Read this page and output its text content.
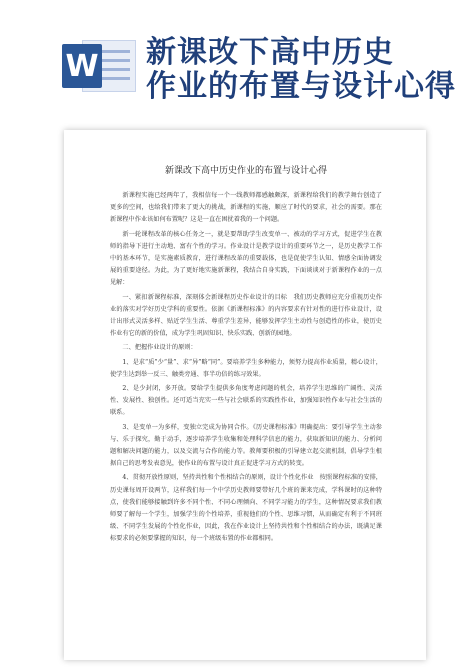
W 新课改下高中历史
作业的布置与设计心得
新课改下高中历史作业的布置与设计心得

新课程实施已经两年了，我相信每一个一线教师都感触颇深，新课程给我们的教学舞台创造了更多的空间，也给我们带来了更大的挑战，新课程的实施，顺应了时代的要求，社会的需要。那在新课程中作业该如何布置呢？这是一直在困扰着我的一个问题。

新一轮课程改革的核心任务之一，就是要帮助学生改变单一、被动的学习方式，促进学生在教师的指导下进行主动地、富有个性的学习。作业设计是教学设计的重要环节之一，是历史教学工作中的基本环节，是实施素质教育，进行课程改革的重要载体，也是促使学生认知、情感全面协调发展的重要途径。为此，为了更好地实施新课程，我结合自身实践，下面谈谈对于新课程作业的一点见解：

一、紧扣新课程标准，深刻体会新课程历史作业设计的目标　我们历史教师应充分重视历史作业的落实对学好历史学科的重要性。依据《新课程标准》的内容要求有针对性的进行作业设计，设计出形式灵活多样、贴近学生生活、尊重学生差异，能够发挥学生主动性与创造性的作业，使历史作业有它的新的价值，成为学生巩固知识、快乐实践、创新的园地。

二、把握作业设计的原则：

1、是求“质”少“量”、求“异”略“同”。要培养学生多种能力，须努力提高作业质量，精心设计，使学生达到举一反三、触类旁通、事半功倍的练习效果。

2、是少封闭，多开放。要给学生提供多角度考虑问题的机会，培养学生思维的广阔性、灵活性、发展性、独创性。还可适当充实一些与社会联系的实践性作业，加强知识性作业与社会生活的联系。

3、是变单一为多样，变独立完成为协同合作。《历史课程标准》明确提出：要引导学生主动参与、乐于探究，勤于动手，逐步培养学生收集和处理科学信息的能力，获取新知识的能力、分析问题和解决问题的能力，以及交流与合作的能力等。教师要积极的引导建立起交流机制，倡导学生根据自己的思考发表意见，使作业的布置与设计真正促进学习方式的转变。

4、贯彻开放性原则，坚持共性和个性相结合的原则，设计个性化作业　按照课程标准的安排，历史课每周开设两节，这样我们每一个中学历史教师要带好几个班的课来完成，学科课时的这种特点，使我们能够接触到许多不同个性、不同心理倾向、不同学习能力的学生，这种情况要求我们教师要了解每一个学生，加强学生的个性培养，重视他们的个性、思维习惯，从而确定有利于不同班级、不同学生发展的个性化作业，因此，我在作业设计上坚持共性和个性相结合的办法，既满足课标要求的必须要掌握的知识，每一个班级布置的作业都相同。
